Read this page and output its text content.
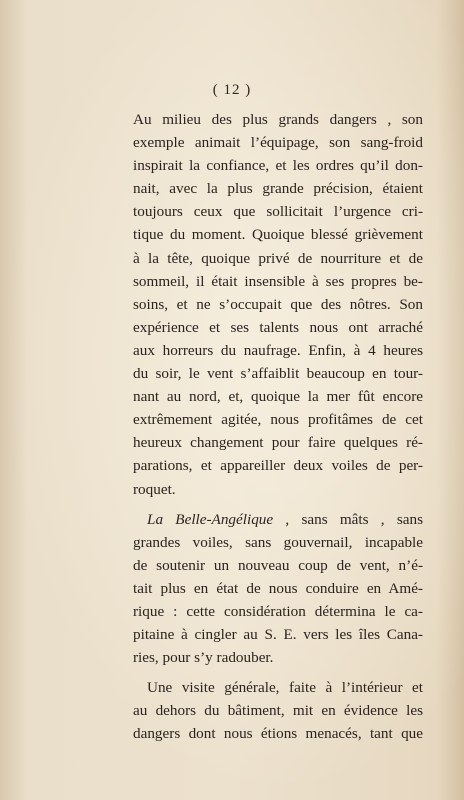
( 12 )
Au milieu des plus grands dangers , son
exemple animait l’équipage, son sang-froid
inspirait la confiance, et les ordres qu’il don-
nait, avec la plus grande précision, étaient
toujours ceux que sollicitait l’urgence cri-
tique du moment. Quoique blessé grièvement
à la tête, quoique privé de nourriture et de
sommeil, il était insensible à ses propres be-
soins, et ne s’occupait que des nôtres. Son
expérience et ses talents nous ont arraché
aux horreurs du naufrage. Enfin, à 4 heures
du soir, le vent s’affaiblit beaucoup en tour-
nant au nord, et, quoique la mer fût encore
extrêmement agitée, nous profitâmes de cet
heureux changement pour faire quelques ré-
parations, et appareiller deux voiles de per-
roquet.
La Belle-Angélique , sans mâts , sans
grandes voiles, sans gouvernail, incapable
de soutenir un nouveau coup de vent, n’é-
tait plus en état de nous conduire en Amé-
rique : cette considération détermina le ca-
pitaine à cingler au S. E. vers les îles Cana-
ries, pour s’y radouber.
Une visite générale, faite à l’intérieur et
au dehors du bâtiment, mit en évidence les
dangers dont nous étions menacés, tant que
